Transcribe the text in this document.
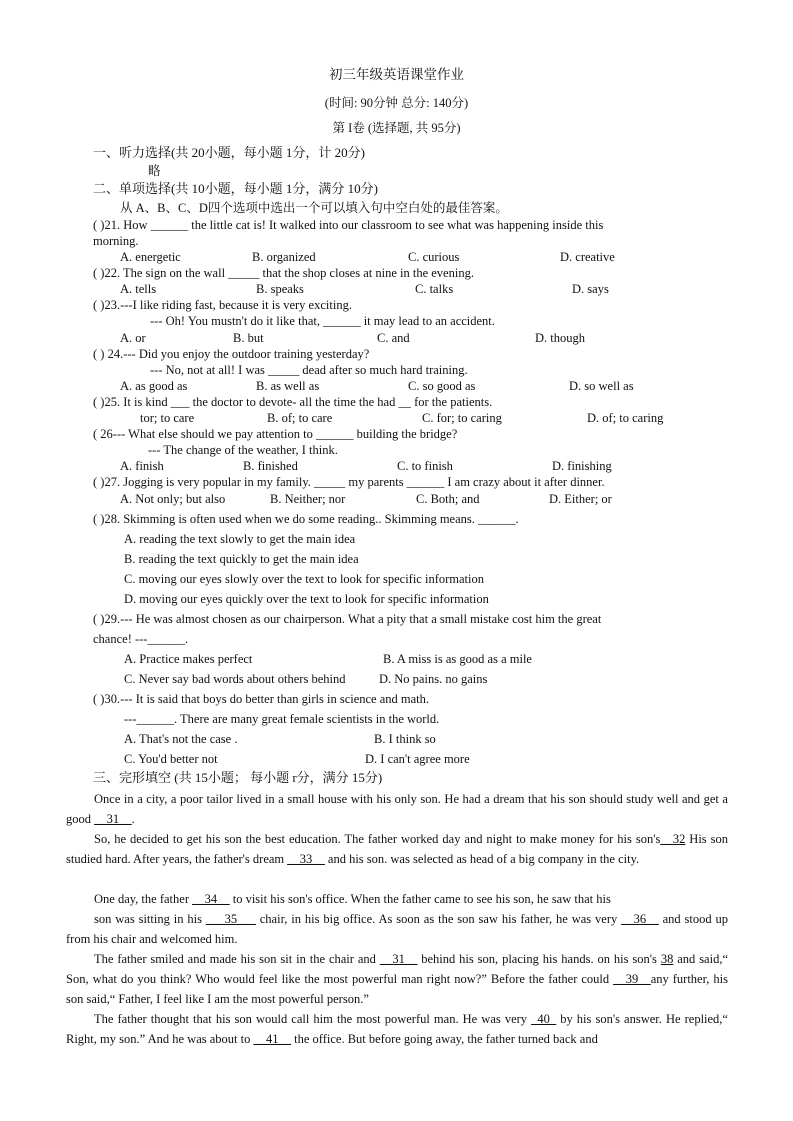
初三年级英语课堂作业
(时间: 90分钟 总分: 140分)
第 I卷 (选择题, 共 95分)
一、听力选择(共 20小题，每小题 1分，计 20分)
略
二、单项选择(共 10小题，每小题 1分，满分 10分)
从 A、B、C、D四个选项中选出一个可以填入句中空白处的最佳答案。
( )21. How ______ the little cat is! It walked into our classroom to see what was happening inside this
morning.
A. energetic	B. organized	C. curious	D. creative
( )22. The sign on the wall _____ that the shop closes at nine in the evening.
A. tells	B. speaks	C. talks	D. says
( )23.---I like riding fast, because it is very exciting.
--- Oh! You mustn't do it like that, ______ it may lead to an accident.
A. or	B. but	C. and	D. though
( ) 24.--- Did you enjoy the outdoor training yesterday?
--- No, not at all! I was _____ dead after so much hard training.
A. as good as	B. as well as	C. so good as	D. so well as
( )25. It is kind ___ the doctor to devote- all the time the had __ for the patients.
tor; to care	B. of; to care	C. for; to caring	D. of; to caring
( 26--- What else should we pay attention to ______ building the bridge?
--- The change of the weather, I think.
A. finish	B. finished	C. to finish	D. finishing
( )27. Jogging is very popular in my family. _____ my parents ______ I am crazy about it after dinner.
A. Not only; but also	B. Neither; nor	C. Both; and	D. Either; or
( )28. Skimming is often used when we do some reading.. Skimming means. ______.
A. reading the text slowly to get the main idea
B. reading the text quickly to get the main idea
C. moving our eyes slowly over the text to look for specific information
D. moving our eyes quickly over the text to look for specific information
( )29.--- He was almost chosen as our chairperson. What a pity that a small mistake cost him the great
chance! ---______.
A. Practice makes perfect	B. A miss is as good as a mile
C. Never say bad words about others behind	D. No pains. no gains
( )30.--- It is said that boys do better than girls in science and math.
---______. There are many great female scientists in the world.
A. That's not the case .	B. I think so
C. You'd better not	D. I can't agree more
三、完形填空 (共 15小题； 每小题 r分，满分 15分)
Once in a city, a poor tailor lived in a small house with his only son. He had a dream that his son should study well and get a good __31__.
So, he decided to get his son the best education. The father worked day and night to make money for his son's__32 His son studied hard. After years, the father's dream __33__ and his son. was selected as head of a big company in the city.
One day, the father __34__ to visit his son's office. When the father came to see his son, he saw that his
son was sitting in his ___35___ chair, in his big office. As soon as the son saw his father, he was very __36__ and stood up from his chair and welcomed him.
The father smiled and made his son sit in the chair and __31__ behind his son, placing his hands. on his son's 38 and said,“ Son, what do you think? Who would feel like the most powerful man right now?” Before the father could __39__any further, his son said,“ Father, I feel like I am the most powerful person.”
The father thought that his son would call him the most powerful man. He was very _40_ by his son's answer. He replied,“ Right, my son.” And he was about to __41__ the office. But before going away, the father turned back and
